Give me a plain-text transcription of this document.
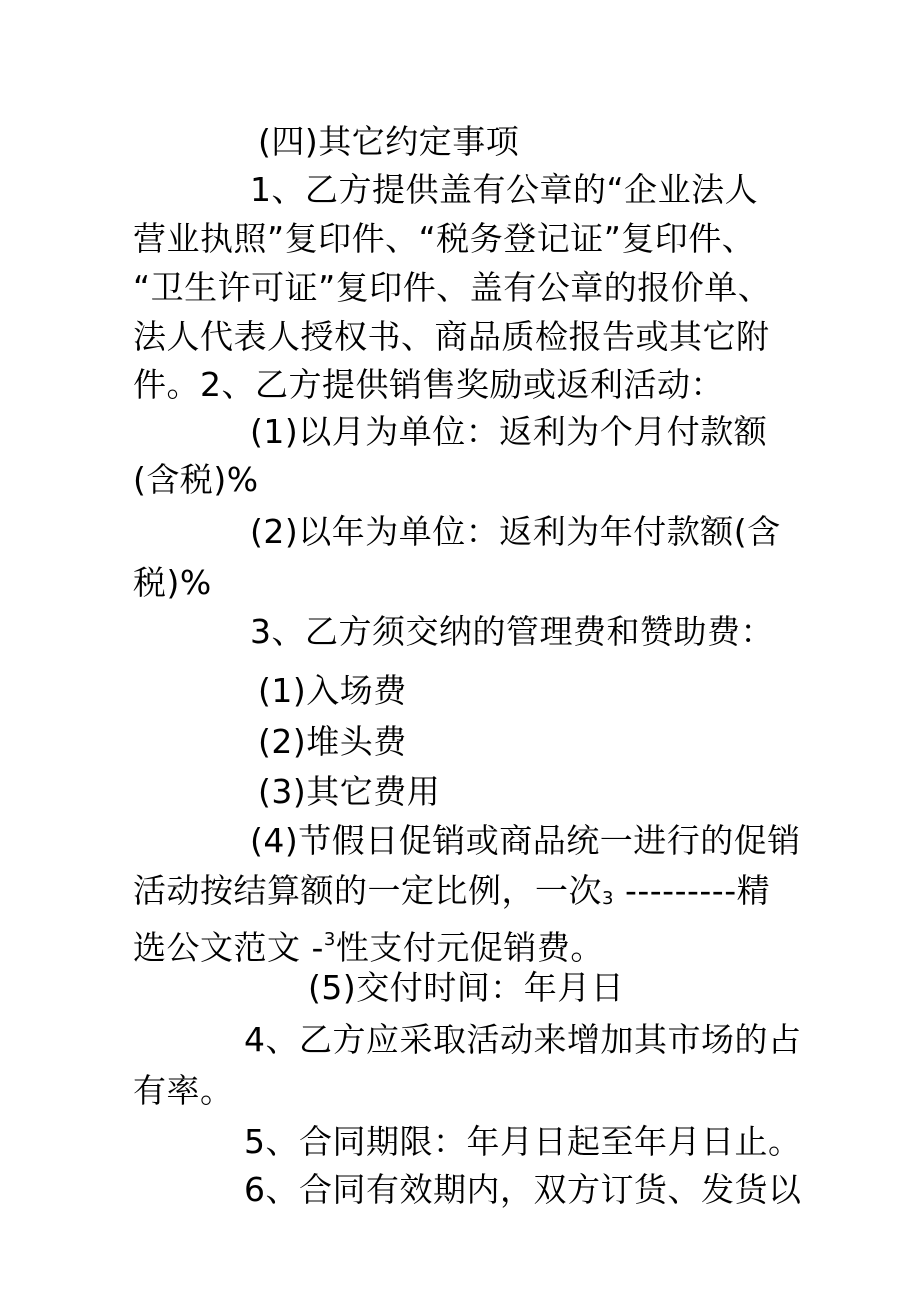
(四)其它约定事项
1、乙方提供盖有公章的“企业法人
营业执照”复印件、“税务登记证”复印件、
“卫生许可证”复印件、盖有公章的报价单、
法人代表人授权书、商品质检报告或其它附
件。2、乙方提供销售奖励或返利活动：
(1)以月为单位：返利为个月付款额
(含税)%
(2)以年为单位：返利为年付款额(含
税)%
3、乙方须交纳的管理费和赞助费：
(1)入场费
(2)堆头费
(3)其它费用
(4)节假日促销或商品统一进行的促销
活动按结算额的一定比例，一次3 ---------精
选公文范文 -$^3$性支付元促销费。
(5)交付时间：年月日
4、乙方应采取活动来增加其市场的占
有率。
5、合同期限：年月日起至年月日止。
6、合同有效期内，双方订货、发货以
